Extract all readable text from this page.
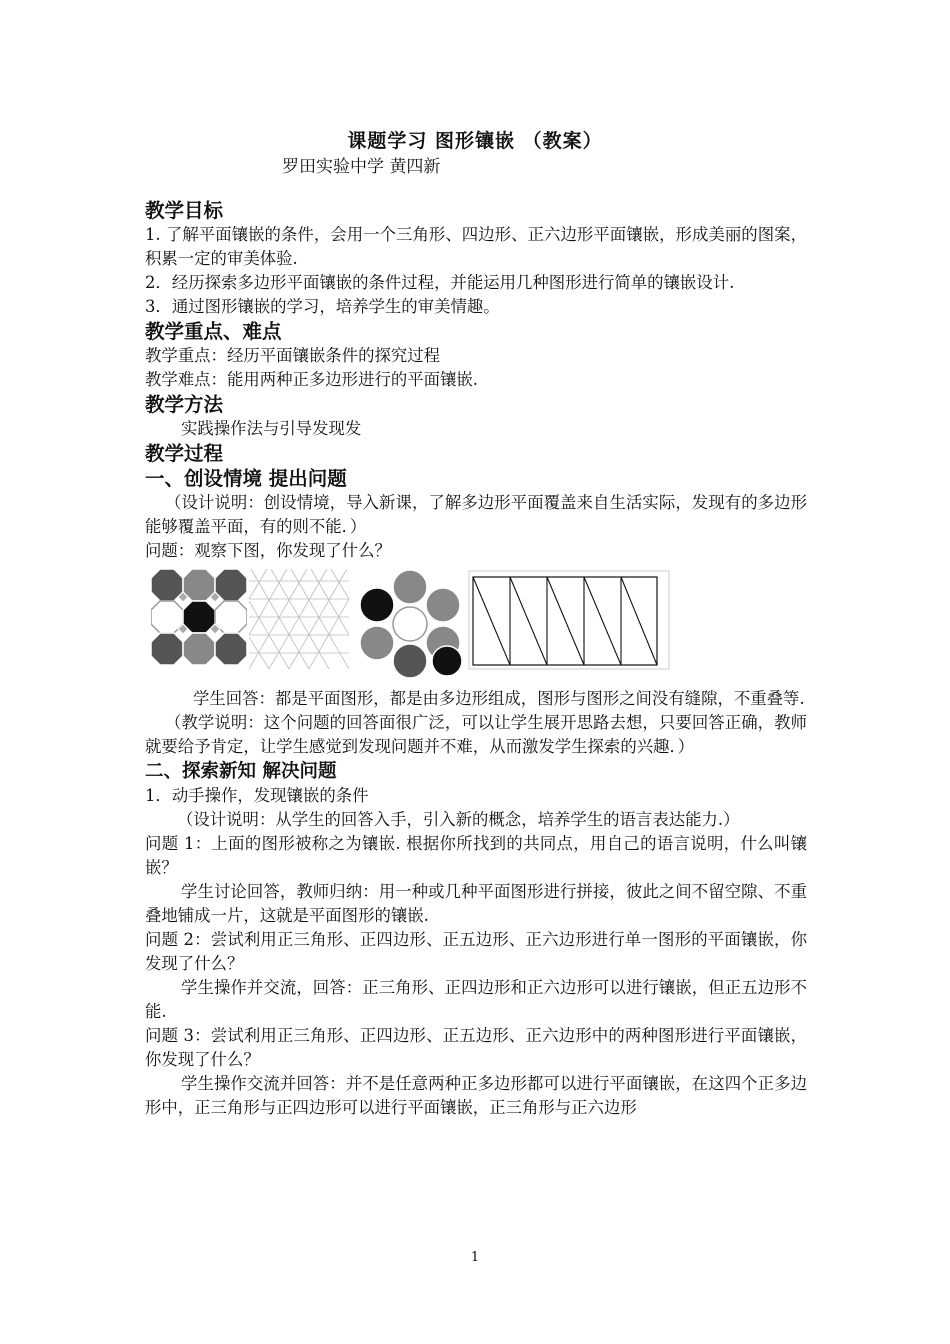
课题学习 图形镶嵌 （教案）
罗田实验中学 黄四新
教学目标

1. 了解平面镶嵌的条件，会用一个三角形、四边形、正六边形平面镶嵌，形成美丽的图案，积累一定的审美体验.

2．经历探索多边形平面镶嵌的条件过程，并能运用几种图形进行简单的镶嵌设计.

3．通过图形镶嵌的学习，培养学生的审美情趣。

教学重点、难点

教学重点：经历平面镶嵌条件的探究过程

教学难点：能用两种正多边形进行的平面镶嵌.

教学方法

实践操作法与引导发现发

教学过程
一、创设情境 提出问题

（设计说明：创设情境，导入新课，了解多边形平面覆盖来自生活实际，发现有的多边形能够覆盖平面，有的则不能．）

问题：观察下图，你发现了什么？

学生回答：都是平面图形，都是由多边形组成，图形与图形之间没有缝隙，不重叠等.

（教学说明：这个问题的回答面很广泛，可以让学生展开思路去想，只要回答正确，教师就要给予肯定，让学生感觉到发现问题并不难，从而激发学生探索的兴趣．）

二、探索新知 解决问题

1．动手操作，发现镶嵌的条件

（设计说明：从学生的回答入手，引入新的概念，培养学生的语言表达能力.）

问题 1：上面的图形被称之为镶嵌. 根据你所找到的共同点，用自己的语言说明，什么叫镶嵌？

学生讨论回答，教师归纳：用一种或几种平面图形进行拼接，彼此之间不留空隙、不重叠地铺成一片，这就是平面图形的镶嵌.

问题 2：尝试利用正三角形、正四边形、正五边形、正六边形进行单一图形的平面镶嵌，你发现了什么？

学生操作并交流，回答：正三角形、正四边形和正六边形可以进行镶嵌，但正五边形不能.

问题 3：尝试利用正三角形、正四边形、正五边形、正六边形中的两种图形进行平面镶嵌，你发现了什么？

学生操作交流并回答：并不是任意两种正多边形都可以进行平面镶嵌，在这四个正多边形中，正三角形与正四边形可以进行平面镶嵌，正三角形与正六边形

1
